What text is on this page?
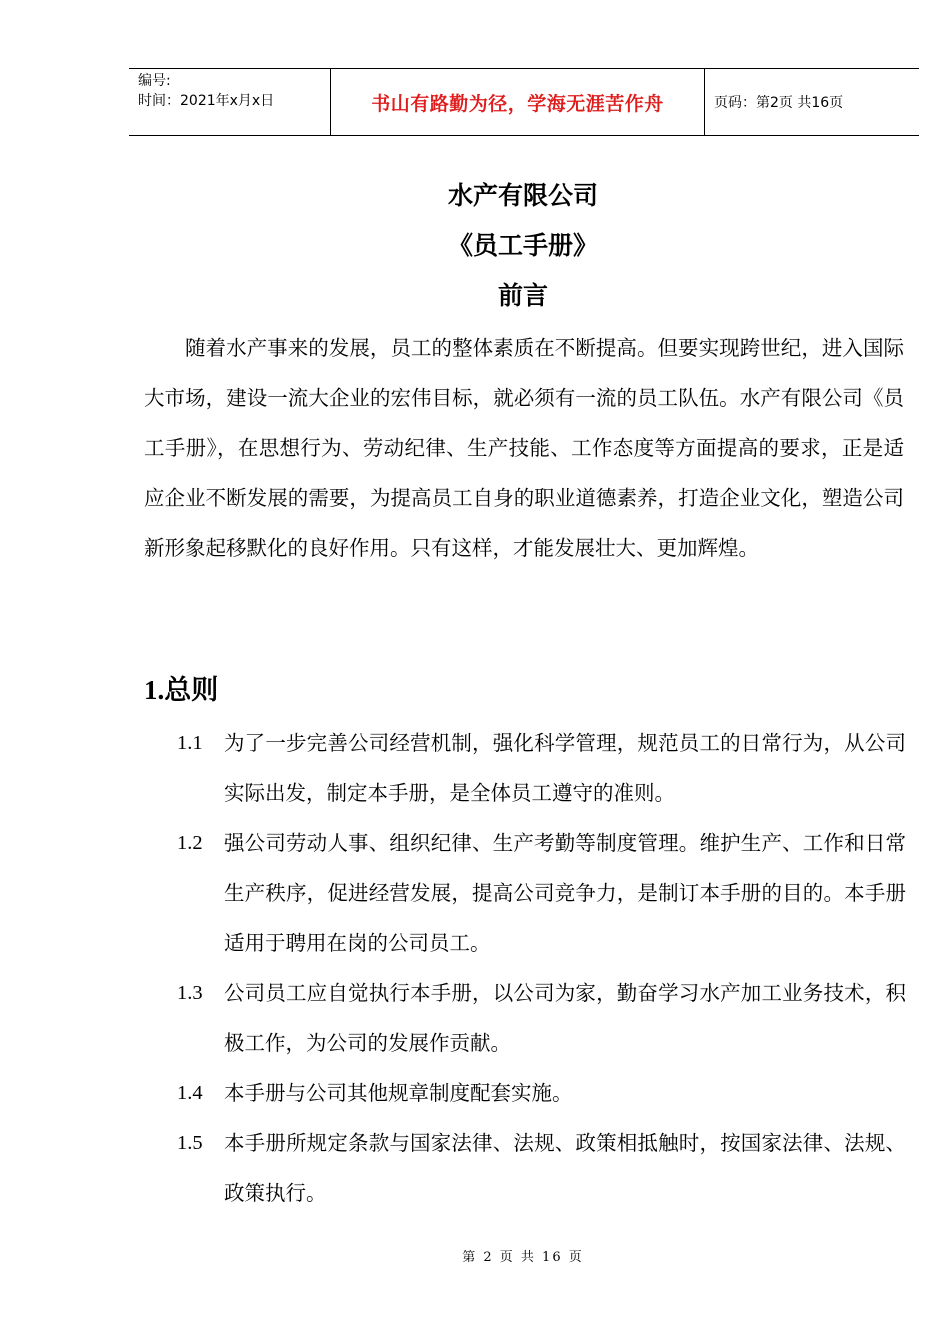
编号:
时间：2021年x月x日	书山有路勤为径，学海无涯苦作舟	页码：第2页 共16页
水产有限公司
《员工手册》
前言

随着水产事来的发展，员工的整体素质在不断提高。但要实现跨世纪，进入国际大市场，建设一流大企业的宏伟目标，就必须有一流的员工队伍。水产有限公司《员工手册》，在思想行为、劳动纪律、生产技能、工作态度等方面提高的要求，正是适应企业不断发展的需要，为提高员工自身的职业道德素养，打造企业文化，塑造公司新形象起移默化的良好作用。只有这样，才能发展壮大、更加辉煌。

1.总则
1.1	为了一步完善公司经营机制，强化科学管理，规范员工的日常行为，从公司实际出发，制定本手册，是全体员工遵守的准则。
1.2	强公司劳动人事、组织纪律、生产考勤等制度管理。维护生产、工作和日常生产秩序，促进经营发展，提高公司竞争力，是制订本手册的目的。本手册适用于聘用在岗的公司员工。
1.3	公司员工应自觉执行本手册，以公司为家，勤奋学习水产加工业务技术，积极工作，为公司的发展作贡献。
1.4	本手册与公司其他规章制度配套实施。
1.5	本手册所规定条款与国家法律、法规、政策相抵触时，按国家法律、法规、政策执行。
第 2 页 共 16 页
